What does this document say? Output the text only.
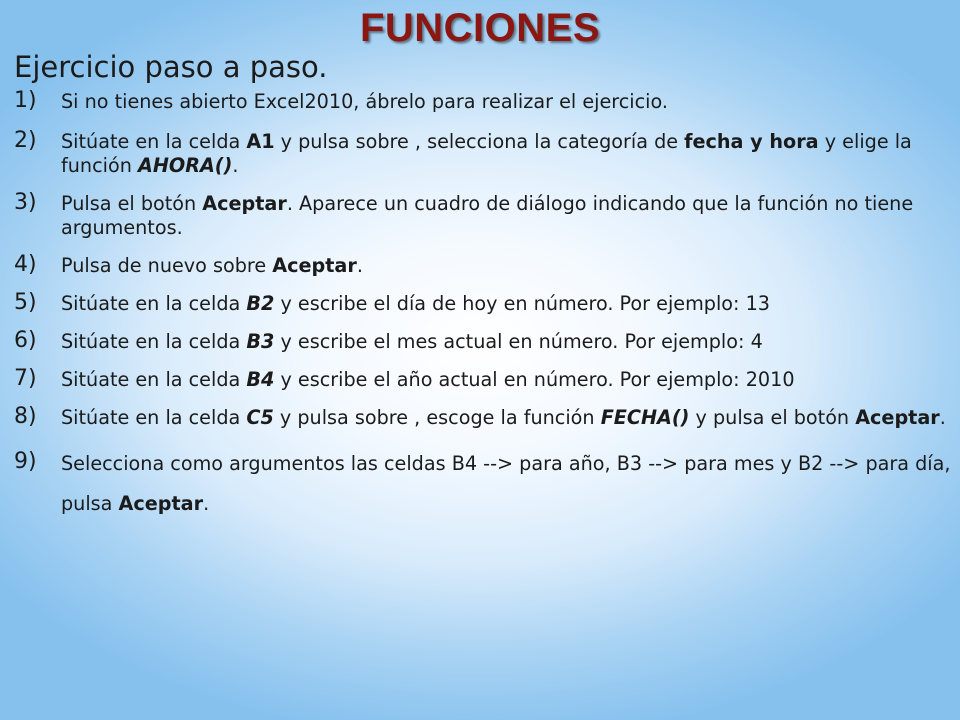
FUNCIONES
Ejercicio paso a paso.
1) Si no tienes abierto Excel2010, ábrelo para realizar el ejercicio.
2) Sitúate en la celda A1 y pulsa sobre , selecciona la categoría de fecha y hora y elige la función AHORA().
3) Pulsa el botón Aceptar. Aparece un cuadro de diálogo indicando que la función no tiene argumentos.
4) Pulsa de nuevo sobre Aceptar.
5) Sitúate en la celda B2 y escribe el día de hoy en número. Por ejemplo: 13
6) Sitúate en la celda B3 y escribe el mes actual en número. Por ejemplo: 4
7) Sitúate en la celda B4 y escribe el año actual en número. Por ejemplo: 2010
8) Sitúate en la celda C5 y pulsa sobre , escoge la función FECHA() y pulsa el botón Aceptar.
9) Selecciona como argumentos las celdas B4 --> para año, B3 --> para mes y B2 --> para día, pulsa Aceptar.
